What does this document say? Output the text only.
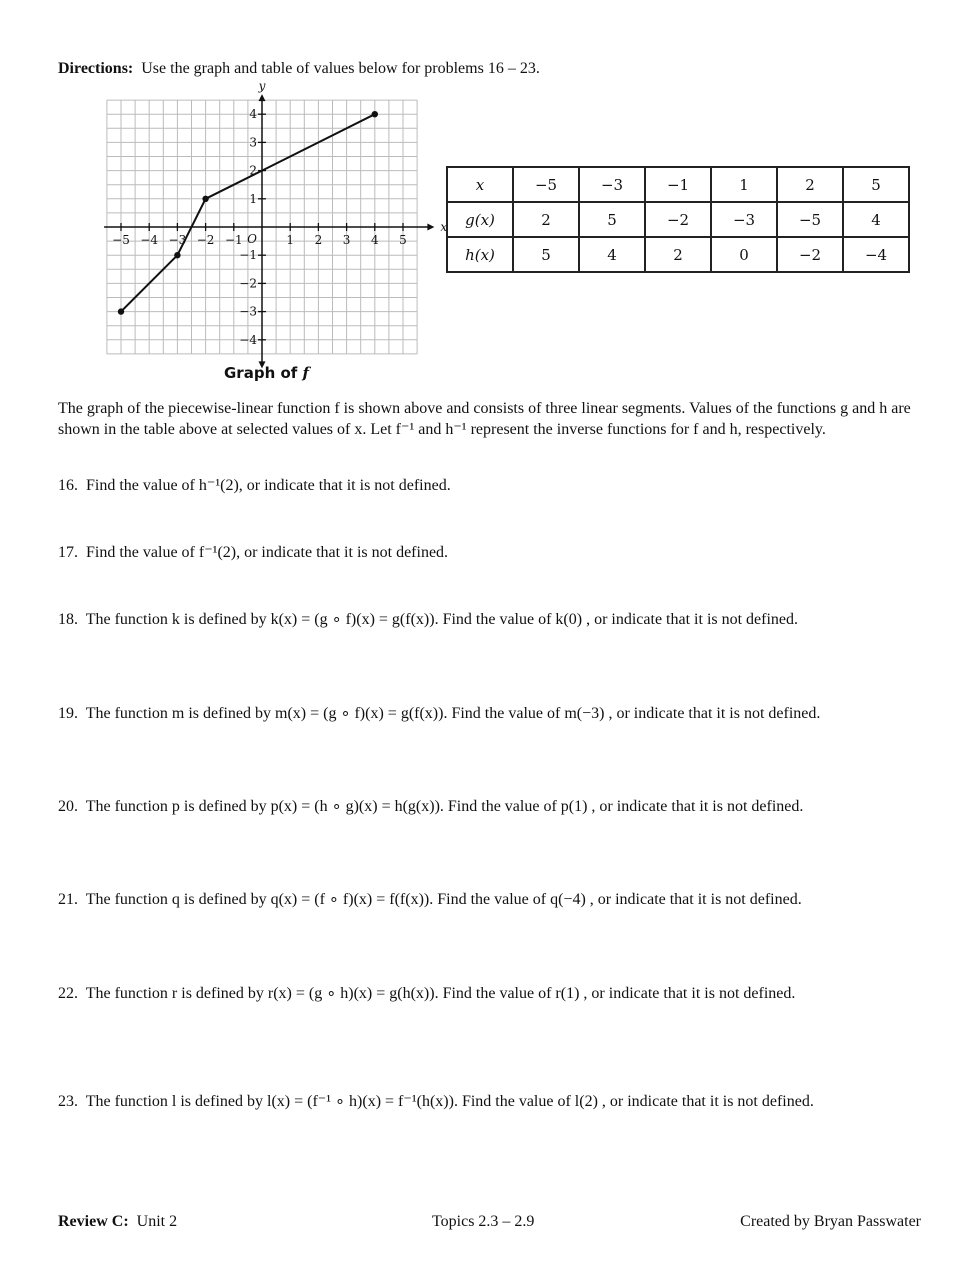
Directions: Use the graph and table of values below for problems 16 – 23.
−5 −4 −3 −2 −1	1 2 3 4 5
4
3
2
1
−1
−2
−3
−4
O
x
y
Graph of f
x	−5	−3	−1	1	2	5
g(x)	2	5	−2	−3	−5	4
h(x)	5	4	2	0	−2	−4
The graph of the piecewise-linear function f is shown above and consists of three linear segments. Values of the functions g and h are shown in the table above at selected values of x. Let f⁻¹ and h⁻¹ represent the inverse functions for f and h, respectively.
16. Find the value of h⁻¹(2), or indicate that it is not defined.
17. Find the value of f⁻¹(2), or indicate that it is not defined.
18. The function k is defined by k(x) = (g ∘ f)(x) = g(f(x)). Find the value of k(0) , or indicate that it is not defined.
19. The function m is defined by m(x) = (g ∘ f)(x) = g(f(x)). Find the value of m(−3) , or indicate that it is not defined.
20. The function p is defined by p(x) = (h ∘ g)(x) = h(g(x)). Find the value of p(1) , or indicate that it is not defined.
21. The function q is defined by q(x) = (f ∘ f)(x) = f(f(x)). Find the value of q(−4) , or indicate that it is not defined.
22. The function r is defined by r(x) = (g ∘ h)(x) = g(h(x)). Find the value of r(1) , or indicate that it is not defined.
23. The function l is defined by l(x) = (f⁻¹ ∘ h)(x) = f⁻¹(h(x)). Find the value of l(2) , or indicate that it is not defined.
Review C: Unit 2	Topics 2.3 – 2.9	Created by Bryan Passwater
